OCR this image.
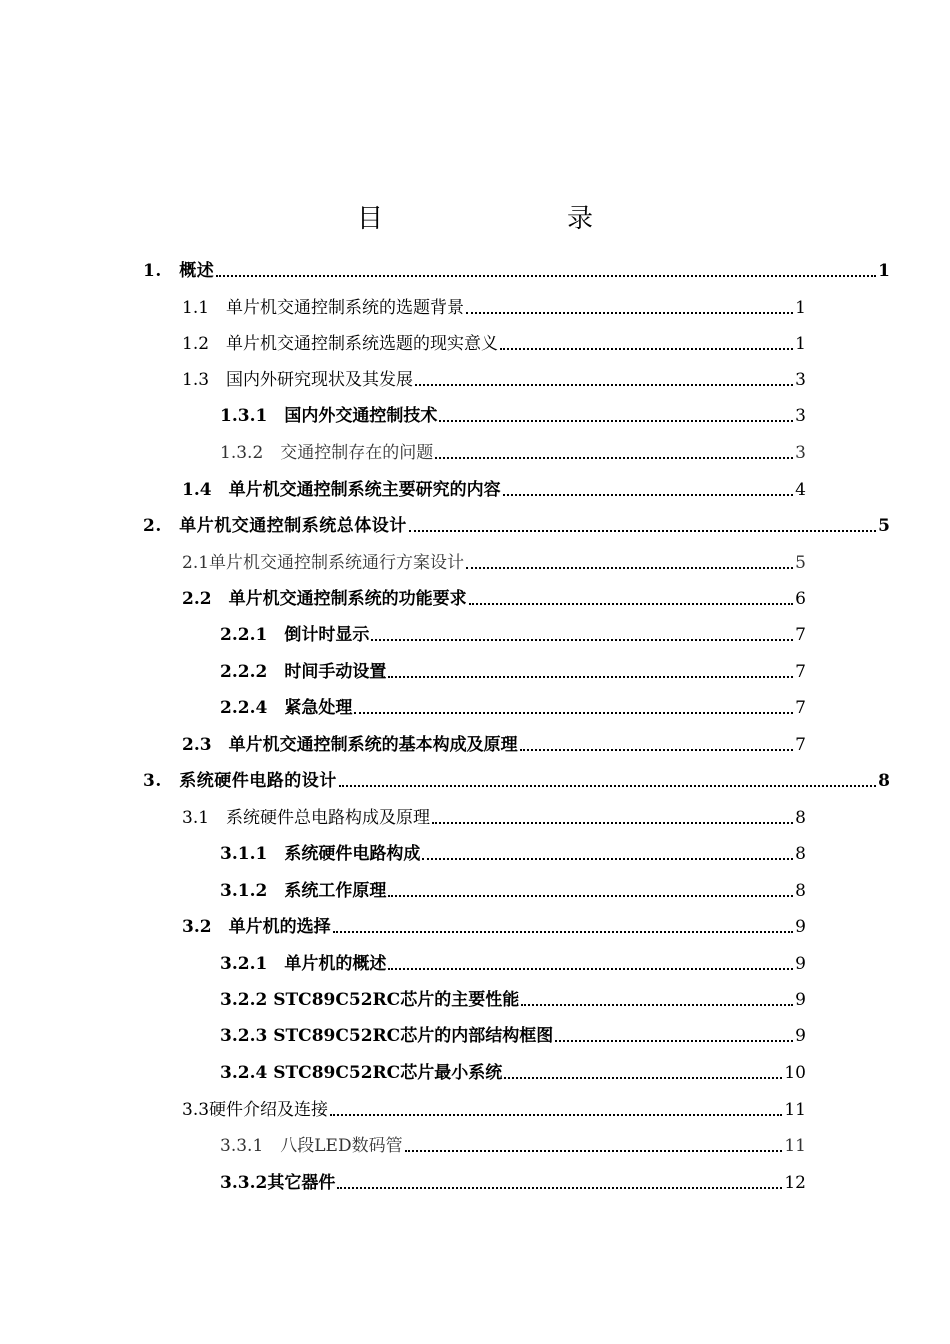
目　　录
1.　概述	1
1.1　单片机交通控制系统的选题背景	1
1.2　单片机交通控制系统选题的现实意义	1
1.3　国内外研究现状及其发展	3
1.3.1　国内外交通控制技术	3
1.3.2　交通控制存在的问题	3
1.4　单片机交通控制系统主要研究的内容	4
2.　单片机交通控制系统总体设计	5
2.1单片机交通控制系统通行方案设计	5
2.2　单片机交通控制系统的功能要求	6
2.2.1　倒计时显示	7
2.2.2　时间手动设置	7
2.2.4　紧急处理	7
2.3　单片机交通控制系统的基本构成及原理	7
3.　系统硬件电路的设计	8
3.1　系统硬件总电路构成及原理	8
3.1.1　系统硬件电路构成	8
3.1.2　系统工作原理	8
3.2　单片机的选择	9
3.2.1　单片机的概述	9
3.2.2 STC89C52RC芯片的主要性能	9
3.2.3 STC89C52RC芯片的内部结构框图	9
3.2.4 STC89C52RC芯片最小系统	10
3.3硬件介绍及连接	11
3.3.1　八段LED数码管	11
3.3.2其它器件	12
